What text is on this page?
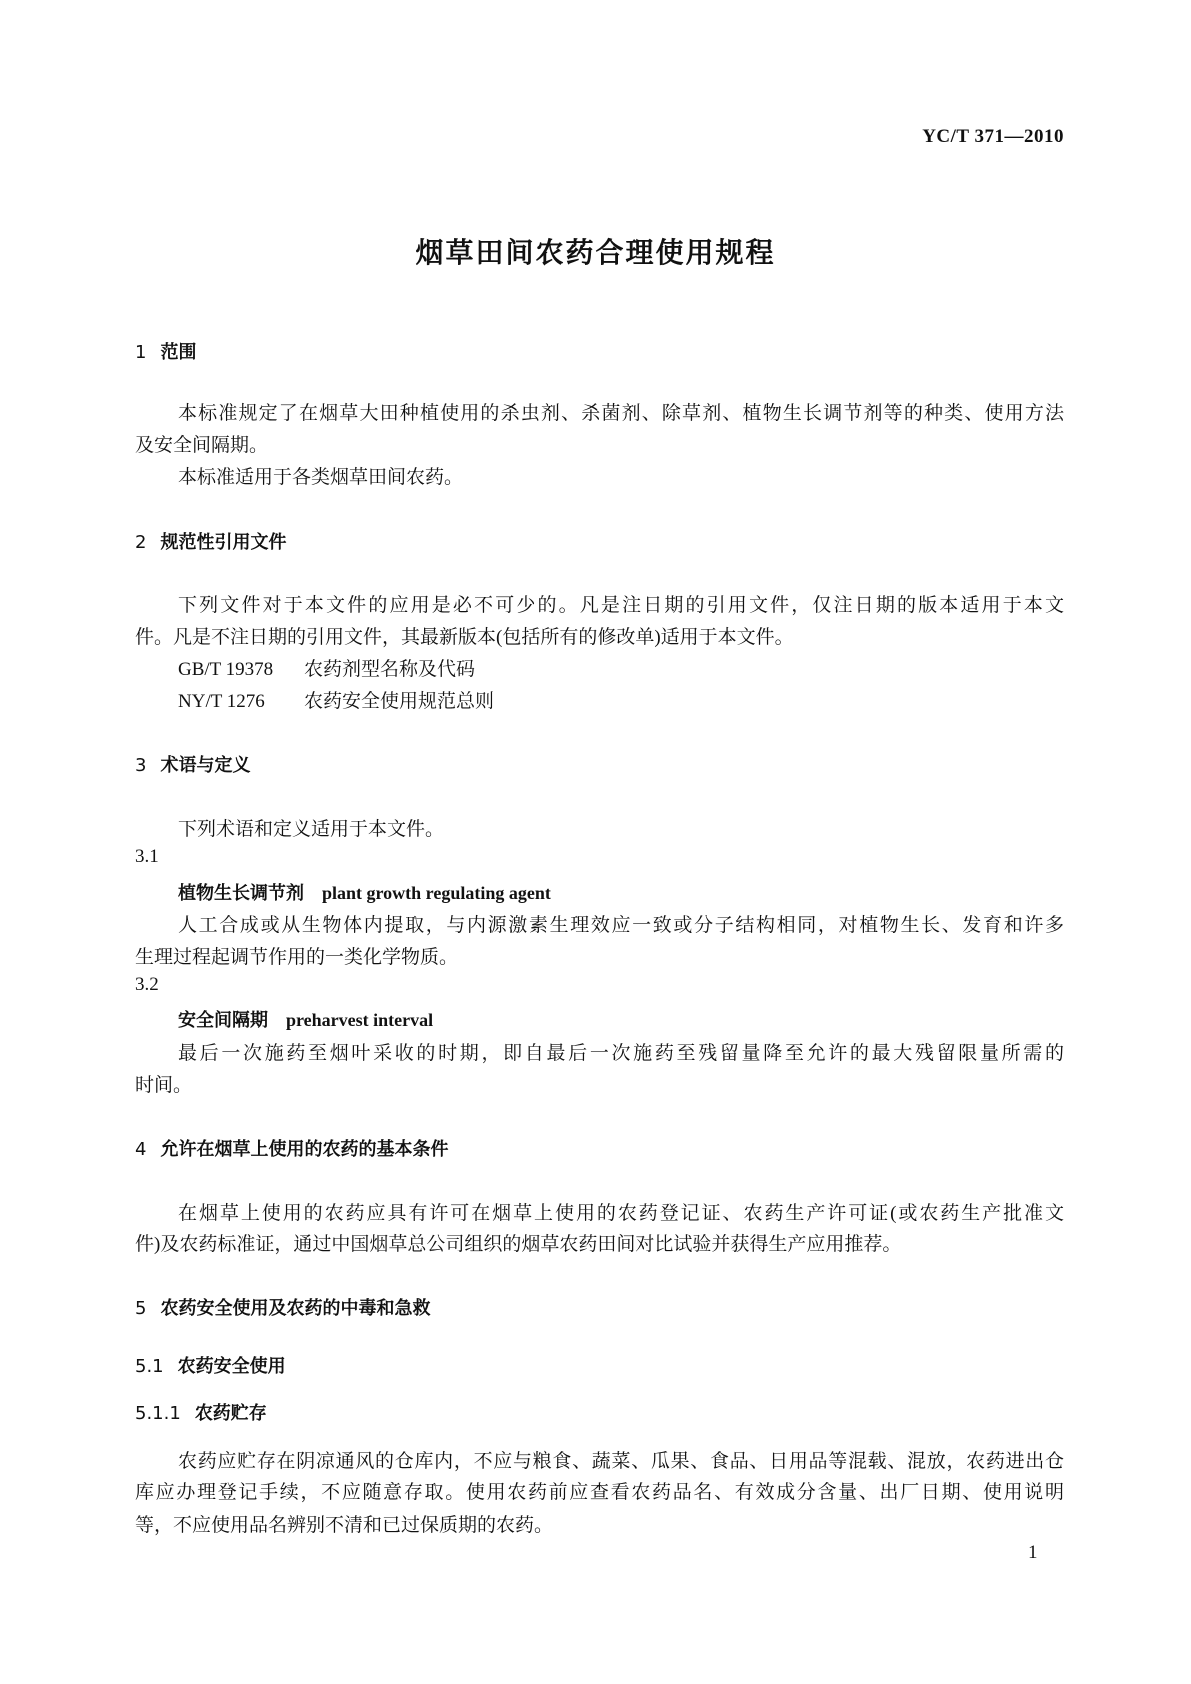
YC/T 371—2010
烟草田间农药合理使用规程
1 范围
本标准规定了在烟草大田种植使用的杀虫剂、杀菌剂、除草剂、植物生长调节剂等的种类、使用方法
及安全间隔期。
本标准适用于各类烟草田间农药。
2 规范性引用文件
下列文件对于本文件的应用是必不可少的。凡是注日期的引用文件，仅注日期的版本适用于本文
件。凡是不注日期的引用文件，其最新版本(包括所有的修改单)适用于本文件。
GB/T 19378 农药剂型名称及代码
NY/T 1276 农药安全使用规范总则
3 术语与定义
下列术语和定义适用于本文件。
3.1
植物生长调节剂 plant growth regulating agent
人工合成或从生物体内提取，与内源激素生理效应一致或分子结构相同，对植物生长、发育和许多
生理过程起调节作用的一类化学物质。
3.2
安全间隔期 preharvest interval
最后一次施药至烟叶采收的时期，即自最后一次施药至残留量降至允许的最大残留限量所需的
时间。
4 允许在烟草上使用的农药的基本条件
在烟草上使用的农药应具有许可在烟草上使用的农药登记证、农药生产许可证(或农药生产批准文
件)及农药标准证，通过中国烟草总公司组织的烟草农药田间对比试验并获得生产应用推荐。
5 农药安全使用及农药的中毒和急救
5.1 农药安全使用
5.1.1 农药贮存
农药应贮存在阴凉通风的仓库内，不应与粮食、蔬菜、瓜果、食品、日用品等混载、混放，农药进出仓
库应办理登记手续，不应随意存取。使用农药前应查看农药品名、有效成分含量、出厂日期、使用说明
等，不应使用品名辨别不清和已过保质期的农药。
1
